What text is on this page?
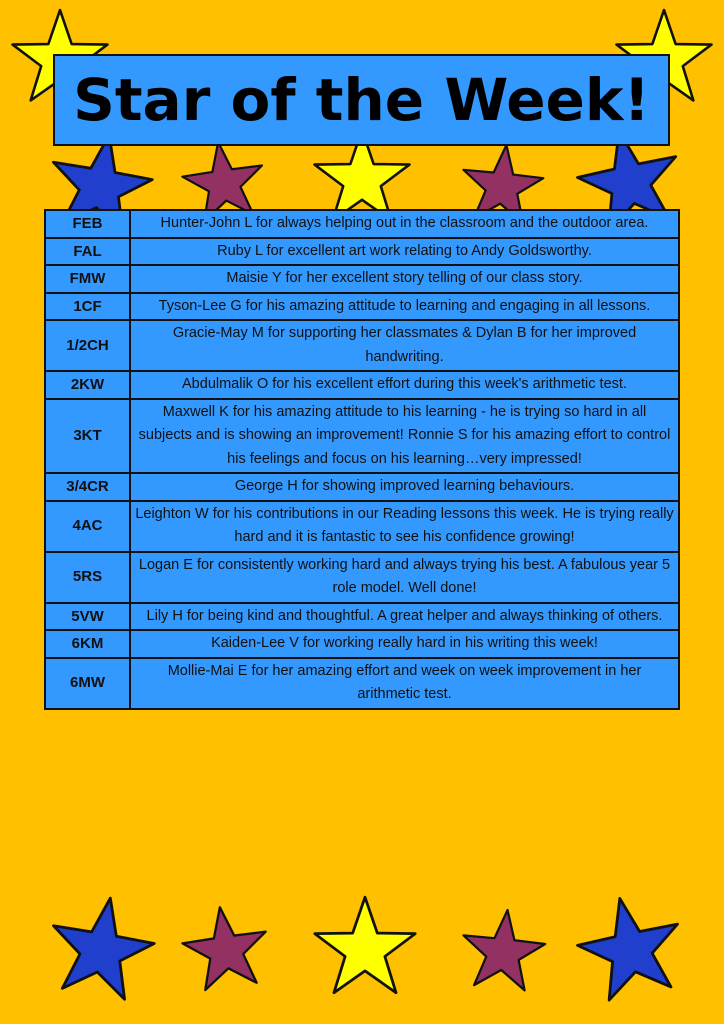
Star of the Week!
FEB	Hunter-John L for always helping out in the classroom and the outdoor area.
FAL	Ruby L for excellent art work relating to Andy Goldsworthy.
FMW	Maisie Y for her excellent story telling of our class story.
1CF	Tyson-Lee G for his amazing attitude to learning and engaging in all lessons.
1/2CH	Gracie-May M for supporting her classmates & Dylan B for her improved handwriting.
2KW	Abdulmalik O for his excellent effort during this week's arithmetic test.
3KT	Maxwell K for his amazing attitude to his learning - he is trying so hard in all subjects and is showing an improvement! Ronnie S for his amazing effort to control his feelings and focus on his learning…very impressed!
3/4CR	George H for showing improved learning behaviours.
4AC	Leighton W for his contributions in our Reading lessons this week. He is trying really hard and it is fantastic to see his confidence growing!
5RS	Logan E for consistently working hard and always trying his best. A fabulous year 5 role model. Well done!
5VW	Lily H for being kind and thoughtful. A great helper and always thinking of others.
6KM	Kaiden-Lee V for working really hard in his writing this week!
6MW	Mollie-Mai E for her amazing effort and week on week improvement in her arithmetic test.
